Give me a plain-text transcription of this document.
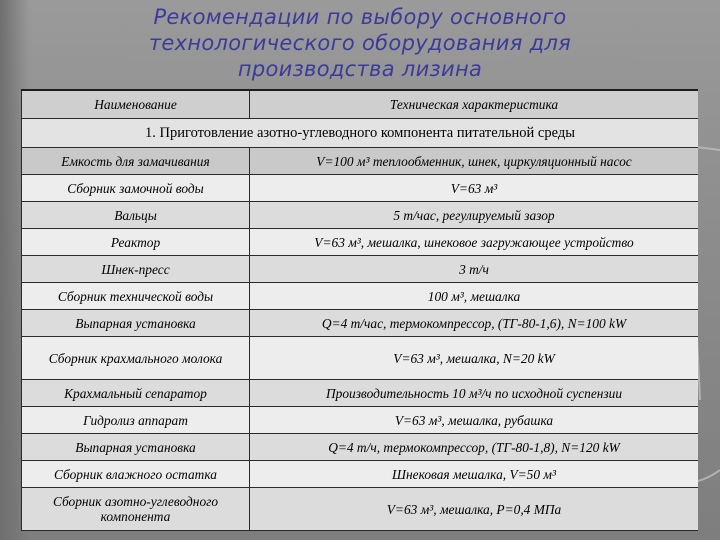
Рекомендации по выбору основного
технологического оборудования для
производства лизина
Наименование	Техническая характеристика
1. Приготовление азотно-углеводного компонента питательной среды	
Емкость для замачивания	V=100 м³ теплообменник, шнек, циркуляционный насос
Сборник замочной воды	V=63 м³
Вальцы	5 т/час, регулируемый зазор
Реактор	V=63 м³, мешалка, шнековое загружающее устройство
Шнек-пресс	3 т/ч
Сборник технической воды	100 м³, мешалка
Выпарная установка	Q=4 т/час, термокомпрессор, (ТГ-80-1,6), N=100 kW
Сборник крахмального молока	V=63 м³, мешалка, N=20 kW
Крахмальный сепаратор	Производительность 10 м³/ч по исходной суспензии
Гидролиз аппарат	V=63 м³, мешалка, рубашка
Выпарная установка	Q=4 т/ч, термокомпрессор, (ТГ-80-1,8), N=120 kW
Сборник влажного остатка	Шнековая мешалка, V=50 м³
Сборник азотно-углеводного компонента	V=63 м³, мешалка, Р=0,4 МПа
